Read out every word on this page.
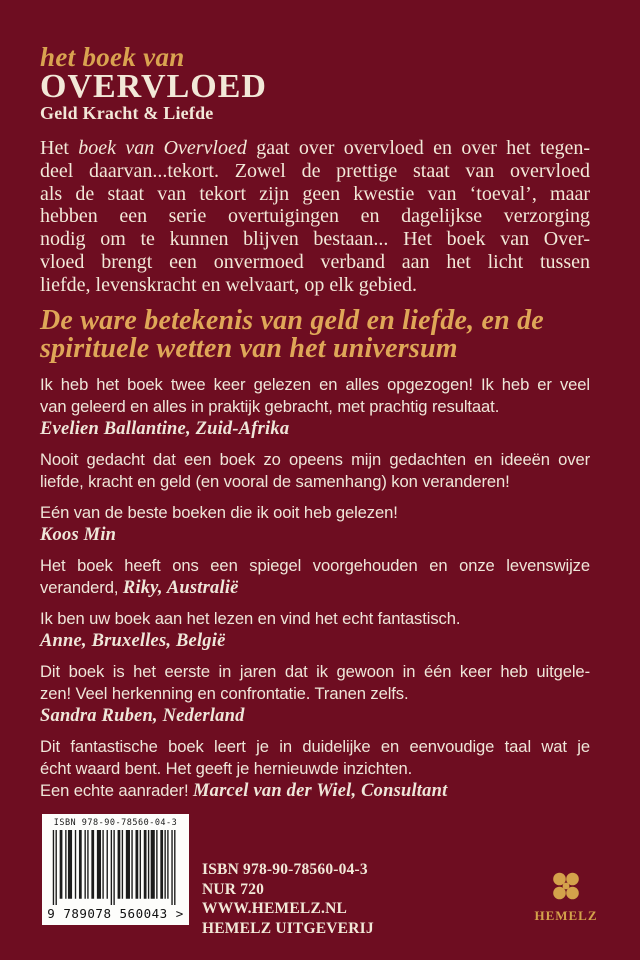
het boek van
OVERVLOED
Geld Kracht & Liefde
Het boek van Overvloed gaat over overvloed en over het tegen-
deel daarvan...tekort. Zowel de prettige staat van overvloed
als de staat van tekort zijn geen kwestie van ‘toeval’, maar
hebben een serie overtuigingen en dagelijkse verzorging
nodig om te kunnen blijven bestaan... Het boek van Over-
vloed brengt een onvermoed verband aan het licht tussen
liefde, levenskracht en welvaart, op elk gebied.
De ware betekenis van geld en liefde, en de
spirituele wetten van het universum
Ik heb het boek twee keer gelezen en alles opgezogen! Ik heb er veel
van geleerd en alles in praktijk gebracht, met prachtig resultaat.
Evelien Ballantine, Zuid-Afrika
Nooit gedacht dat een boek zo opeens mijn gedachten en ideeën over
liefde, kracht en geld (en vooral de samenhang) kon veranderen!
Eén van de beste boeken die ik ooit heb gelezen!
Koos Min
Het boek heeft ons een spiegel voorgehouden en onze levenswijze
veranderd, Riky, Australië
Ik ben uw boek aan het lezen en vind het echt fantastisch.
Anne, Bruxelles, België
Dit boek is het eerste in jaren dat ik gewoon in één keer heb uitgele-
zen! Veel herkenning en confrontatie. Tranen zelfs.
Sandra Ruben, Nederland
Dit fantastische boek leert je in duidelijke en eenvoudige taal wat je
écht waard bent. Het geeft je hernieuwde inzichten.
Een echte aanrader! Marcel van der Wiel, Consultant
ISBN 978-90-78560-04-3
9 789078 560043 >
ISBN 978-90-78560-04-3
NUR 720
WWW.HEMELZ.NL
HEMELZ UITGEVERIJ
HEMELZ
